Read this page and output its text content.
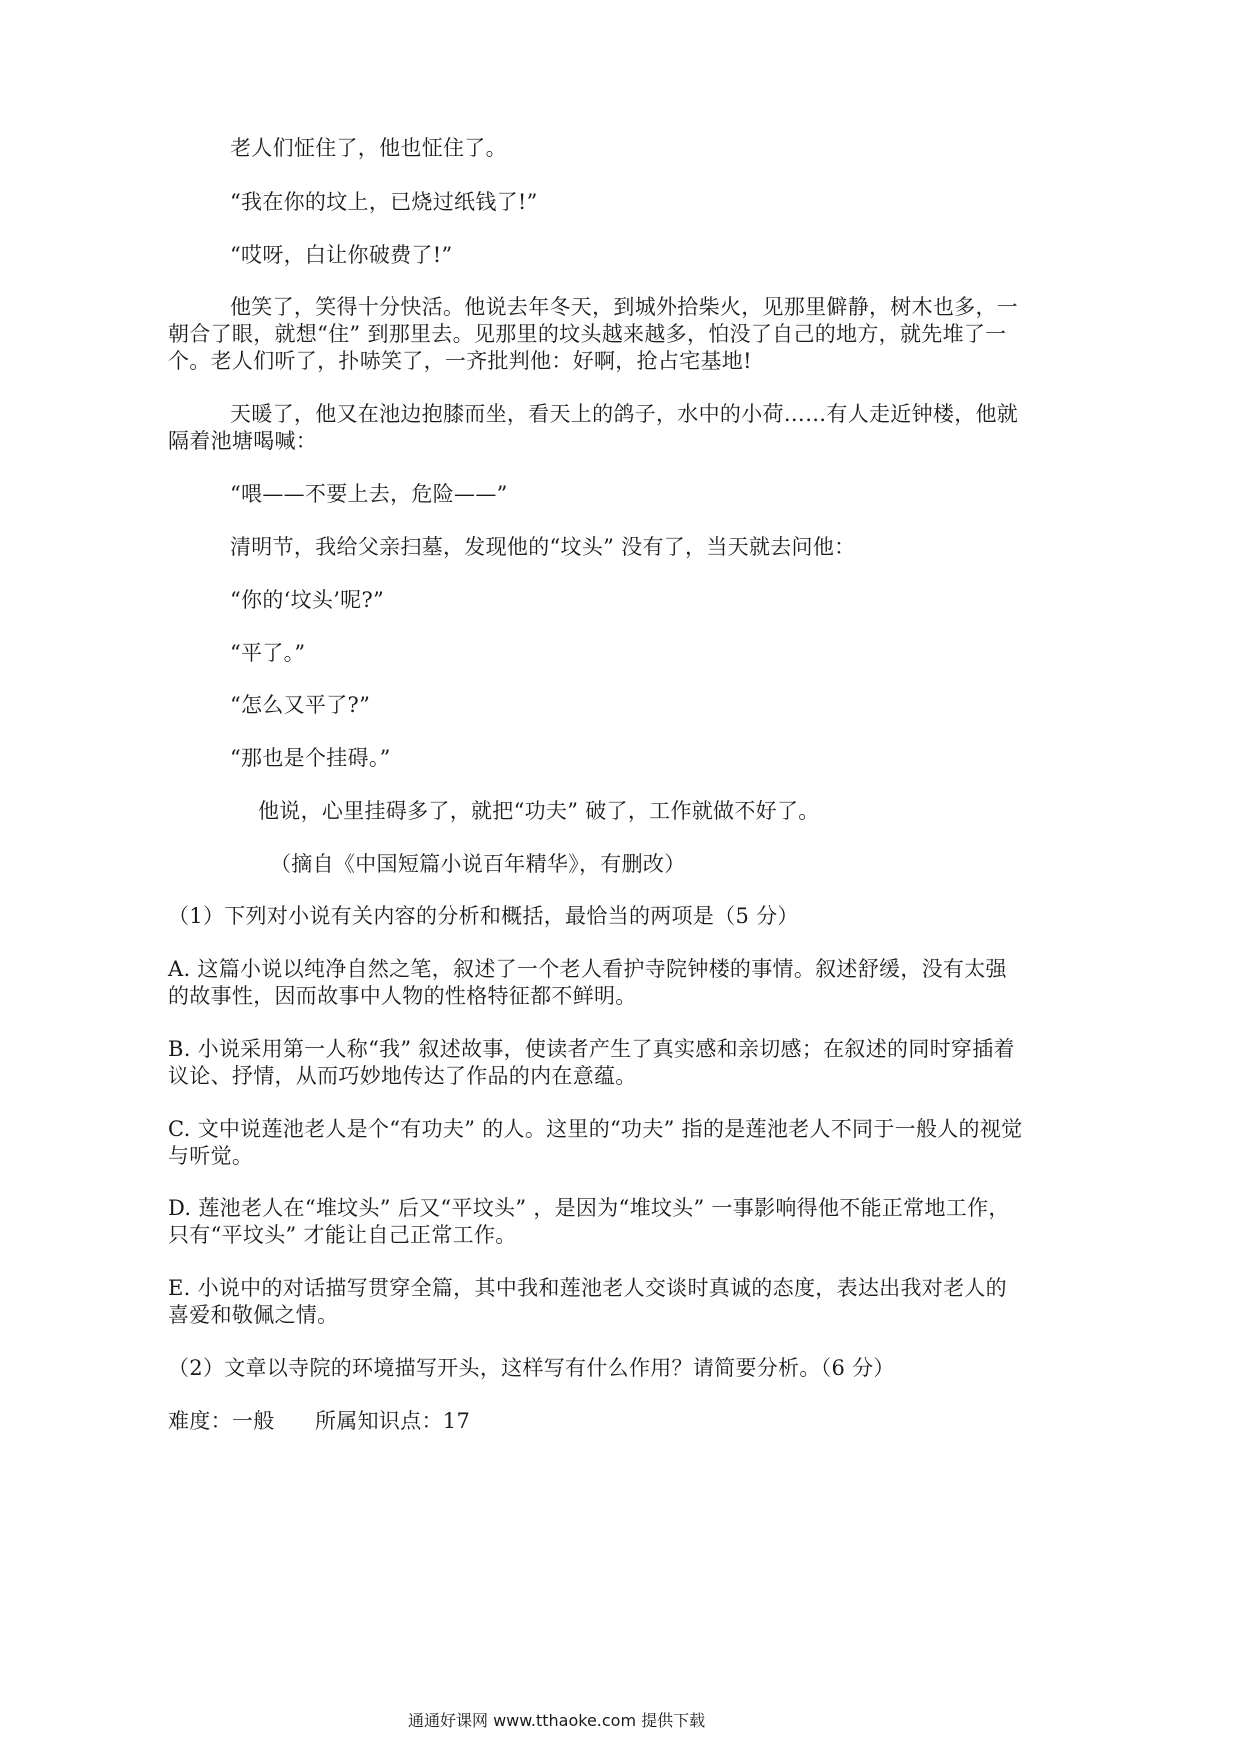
老人们怔住了，他也怔住了。
“我在你的坟上，已烧过纸钱了!”
“哎呀，白让你破费了!”
他笑了，笑得十分快活。他说去年冬天，到城外拾柴火，见那里僻静，树木也多，一
朝合了眼，就想“住” 到那里去。见那里的坟头越来越多，怕没了自己的地方，就先堆了一
个。老人们听了，扑哧笑了，一齐批判他：好啊，抢占宅基地!
天暖了，他又在池边抱膝而坐，看天上的鸽子，水中的小荷……有人走近钟楼，他就
隔着池塘喝喊：
“喂——不要上去，危险——”
清明节，我给父亲扫墓，发现他的“坟头” 没有了，当天就去问他：
“你的‘坟头’呢?”
“平了。”
“怎么又平了?”
“那也是个挂碍。”
他说，心里挂碍多了，就把“功夫” 破了，工作就做不好了。
（摘自《中国短篇小说百年精华》，有删改）
（1）下列对小说有关内容的分析和概括，最恰当的两项是（5 分）
A. 这篇小说以纯净自然之笔，叙述了一个老人看护寺院钟楼的事情。叙述舒缓，没有太强
的故事性，因而故事中人物的性格特征都不鲜明。
B. 小说采用第一人称“我” 叙述故事，使读者产生了真实感和亲切感；在叙述的同时穿插着
议论、抒情，从而巧妙地传达了作品的内在意蕴。
C. 文中说莲池老人是个“有功夫” 的人。这里的“功夫” 指的是莲池老人不同于一般人的视觉
与听觉。
D. 莲池老人在“堆坟头” 后又“平坟头” ，是因为“堆坟头” 一事影响得他不能正常地工作，
只有“平坟头” 才能让自己正常工作。
E. 小说中的对话描写贯穿全篇，其中我和莲池老人交谈时真诚的态度，表达出我对老人的
喜爱和敬佩之情。
（2）文章以寺院的环境描写开头，这样写有什么作用？请简要分析。（6 分）
难度：一般 所属知识点：17
通通好课网 www.tthaoke.com 提供下载
